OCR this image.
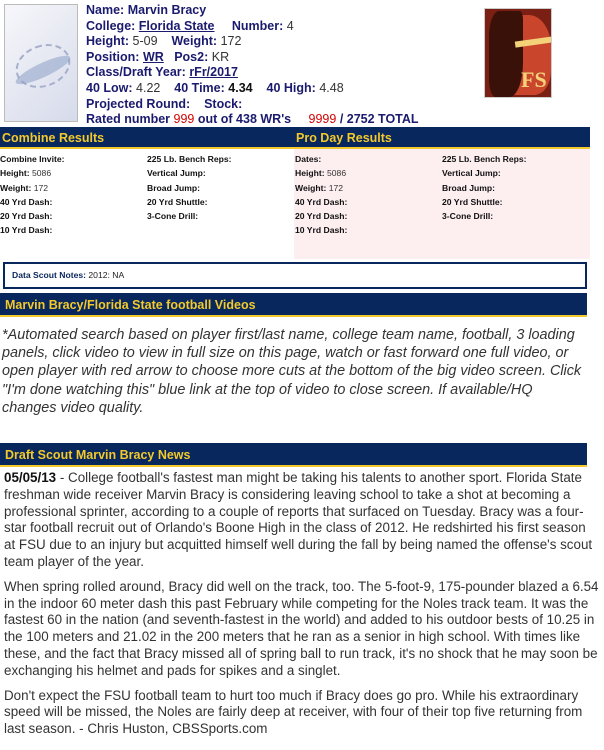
Name: Marvin Bracy
College: Florida State Number: 4
Height: 5-09 Weight: 172
Position: WR Pos2: KR
Class/Draft Year: rFr/2017
40 Low: 4.22 40 Time: 4.34 40 High: 4.48
Projected Round: Stock:
Rated number 999 out of 438 WR's 9999 / 2752 TOTAL
FS
Combine Results
Combine Invite:
Height: 5086
Weight: 172
40 Yrd Dash:
20 Yrd Dash:
10 Yrd Dash:
225 Lb. Bench Reps:
Vertical Jump:
Broad Jump:
20 Yrd Shuttle:
3-Cone Drill:
Pro Day Results
Dates:
Height: 5086
Weight: 172
40 Yrd Dash:
20 Yrd Dash:
10 Yrd Dash:
225 Lb. Bench Reps:
Vertical Jump:
Broad Jump:
20 Yrd Shuttle:
3-Cone Drill:
Data Scout Notes: 2012: NA
Marvin Bracy/Florida State football Videos
*Automated search based on player first/last name, college team name, football, 3 loading panels, click video to view in full size on this page, watch or fast forward one full video, or open player with red arrow to choose more cuts at the bottom of the big video screen. Click "I'm done watching this" blue link at the top of video to close screen. If available/HQ changes video quality.
Draft Scout Marvin Bracy News

05/05/13 - College football's fastest man might be taking his talents to another sport. Florida State freshman wide receiver Marvin Bracy is considering leaving school to take a shot at becoming a professional sprinter, according to a couple of reports that surfaced on Tuesday. Bracy was a four-star football recruit out of Orlando's Boone High in the class of 2012. He redshirted his first season at FSU due to an injury but acquitted himself well during the fall by being named the offense's scout team player of the year.

When spring rolled around, Bracy did well on the track, too. The 5-foot-9, 175-pounder blazed a 6.54 in the indoor 60 meter dash this past February while competing for the Noles track team. It was the fastest 60 in the nation (and seventh-fastest in the world) and added to his outdoor bests of 10.25 in the 100 meters and 21.02 in the 200 meters that he ran as a senior in high school. With times like these, and the fact that Bracy missed all of spring ball to run track, it's no shock that he may soon be exchanging his helmet and pads for spikes and a singlet.

Don't expect the FSU football team to hurt too much if Bracy does go pro. While his extraordinary speed will be missed, the Noles are fairly deep at receiver, with four of their top five returning from last season. - Chris Huston, CBSSports.com
